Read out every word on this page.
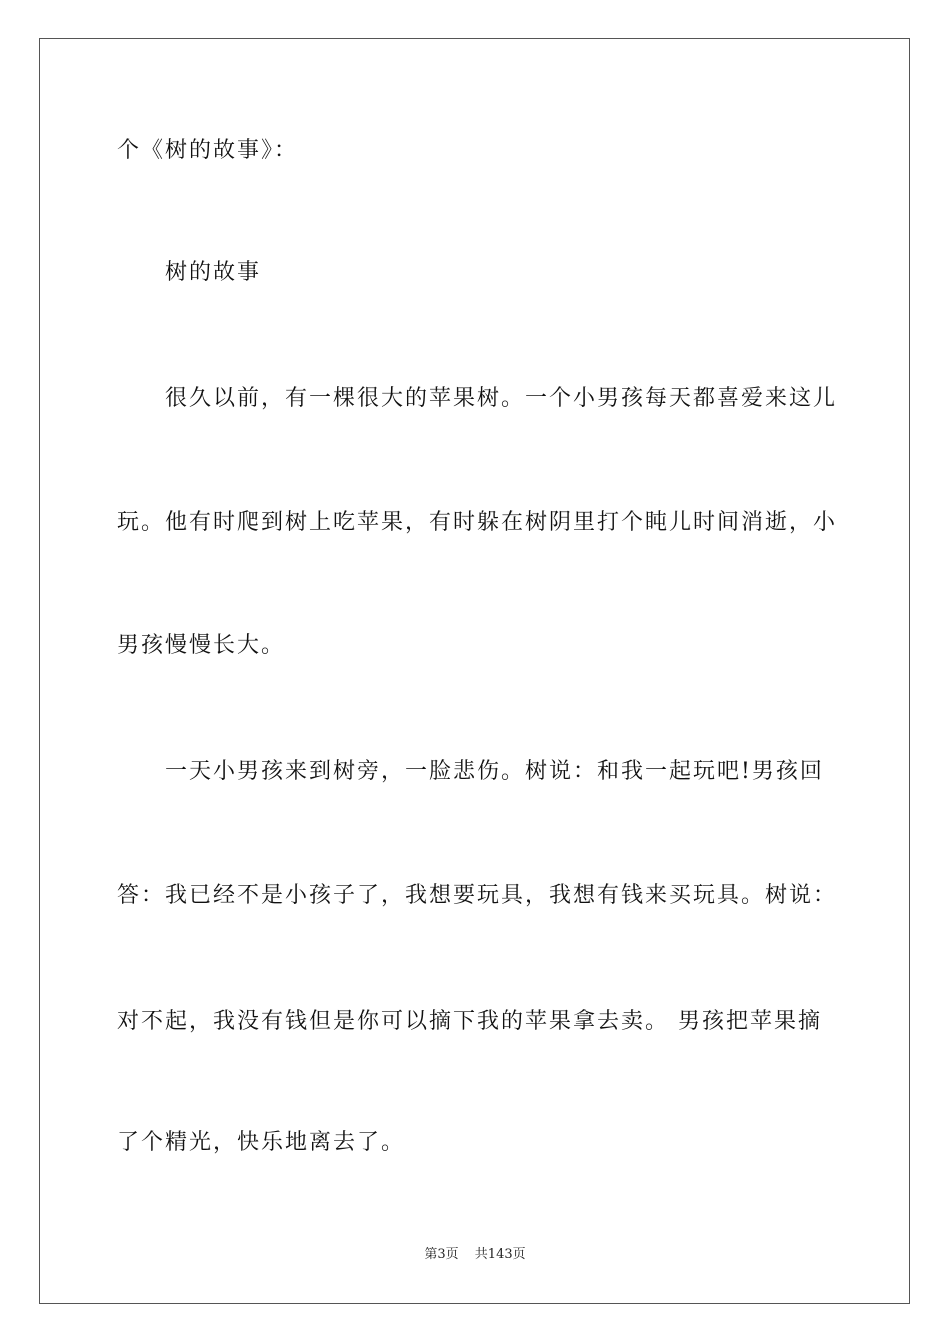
个《树的故事》：
树的故事
很久以前，有一棵很大的苹果树。一个小男孩每天都喜爱来这儿
玩。他有时爬到树上吃苹果，有时躲在树阴里打个盹儿时间消逝，小
男孩慢慢长大。
一天小男孩来到树旁，一脸悲伤。树说：和我一起玩吧!男孩回
答：我已经不是小孩子了，我想要玩具，我想有钱来买玩具。树说：
对不起，我没有钱但是你可以摘下我的苹果拿去卖。 男孩把苹果摘
了个精光，快乐地离去了。
第3页 共143页
